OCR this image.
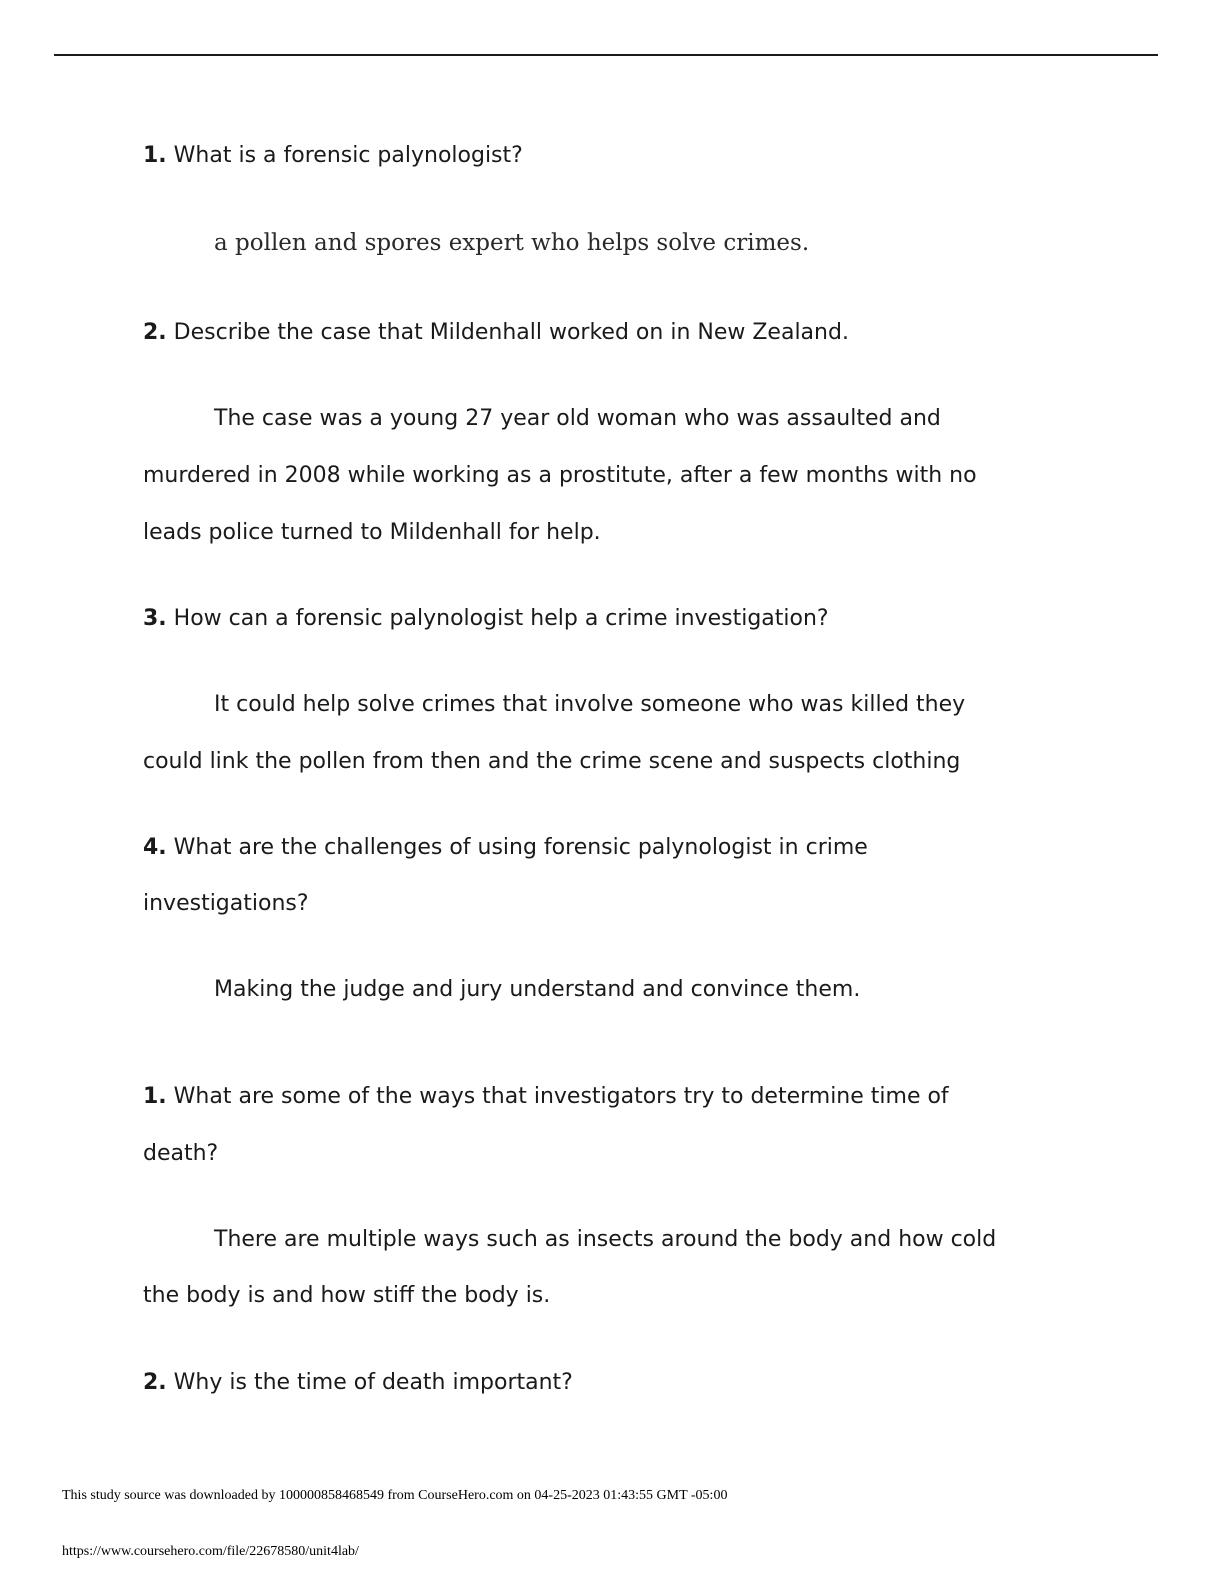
1. What is a forensic palynologist?
a pollen and spores expert who helps solve crimes.
2. Describe the case that Mildenhall worked on in New Zealand.
The case was a young 27 year old woman who was assaulted and
murdered in 2008 while working as a prostitute, after a few months with no
leads police turned to Mildenhall for help.
3. How can a forensic palynologist help a crime investigation?
It could help solve crimes that involve someone who was killed they
could link the pollen from then and the crime scene and suspects clothing
4. What are the challenges of using forensic palynologist in crime
investigations?
Making the judge and jury understand and convince them.
1. What are some of the ways that investigators try to determine time of
death?
There are multiple ways such as insects around the body and how cold
the body is and how stiff the body is.
2. Why is the time of death important?
This study source was downloaded by 100000858468549 from CourseHero.com on 04-25-2023 01:43:55 GMT -05:00
https://www.coursehero.com/file/22678580/unit4lab/
